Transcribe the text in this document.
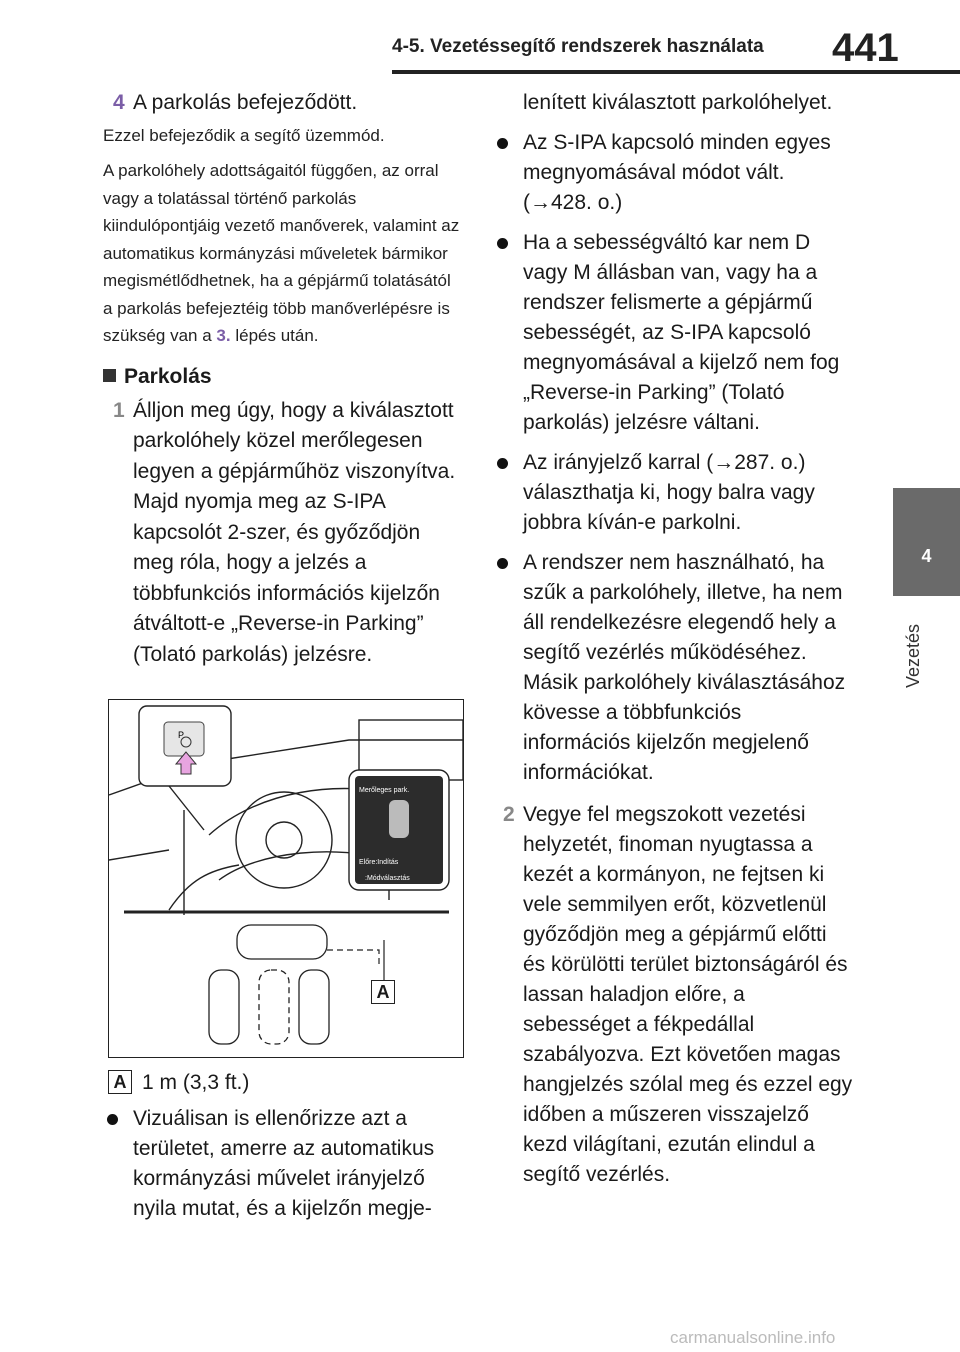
4-5. Vezetéssegítő rendszerek használata 441
4
Vezetés
4 A parkolás befejeződött.

Ezzel befejeződik a segítő üzemmód.

A parkolóhely adottságaitól függően, az orral vagy a tolatással történő parkolás kiindulópontjáig vezető manőverek, valamint az automatikus kormányzási műveletek bármikor megismétlődhetnek, ha a gépjármű tolatásától a parkolás befejeztéig több manőverlépésre is szükség van a 3. lépés után.

Parkolás
1 Álljon meg úgy, hogy a kiválasztott parkolóhely közel merőlegesen legyen a gépjárműhöz viszonyítva. Majd nyomja meg az S-IPA kapcsolót 2-szer, és győződjön meg róla, hogy a jelzés a többfunkciós információs kijelzőn átváltott-e „Reverse-in Parking” (Tolató parkolás) jelzésre.
P
Merőleges park.
Előre:Indítás
:Módválasztás
A
A 1 m (3,3 ft.)
Vizuálisan is ellenőrizze azt a területet, amerre az automatikus kormányzási művelet irányjelző nyila mutat, és a kijelzőn megje-
lenített kiválasztott parkolóhelyet.
Az S-IPA kapcsoló minden egyes megnyomásával módot vált. (→428. o.)
Ha a sebességváltó kar nem D vagy M állásban van, vagy ha a rendszer felismerte a gépjármű sebességét, az S-IPA kapcsoló megnyomásával a kijelző nem fog „Reverse-in Parking” (Tolató parkolás) jelzésre váltani.
Az irányjelző karral (→287. o.) választhatja ki, hogy balra vagy jobbra kíván-e parkolni.
A rendszer nem használható, ha szűk a parkolóhely, illetve, ha nem áll rendelkezésre elegendő hely a segítő vezérlés működéséhez. Másik parkolóhely kiválasztásához kövesse a többfunkciós információs kijelzőn megjelenő információkat.
2 Vegye fel megszokott vezetési helyzetét, finoman nyugtassa a kezét a kormányon, ne fejtsen ki vele semmilyen erőt, közvetlenül győződjön meg a gépjármű előtti és körülötti terület biztonságáról és lassan haladjon előre, a sebességet a fékpedállal szabályozva. Ezt követően magas hangjelzés szólal meg és ezzel egy időben a műszeren visszajelző kezd világítani, ezután elindul a segítő vezérlés.
carmanualsonline.info
